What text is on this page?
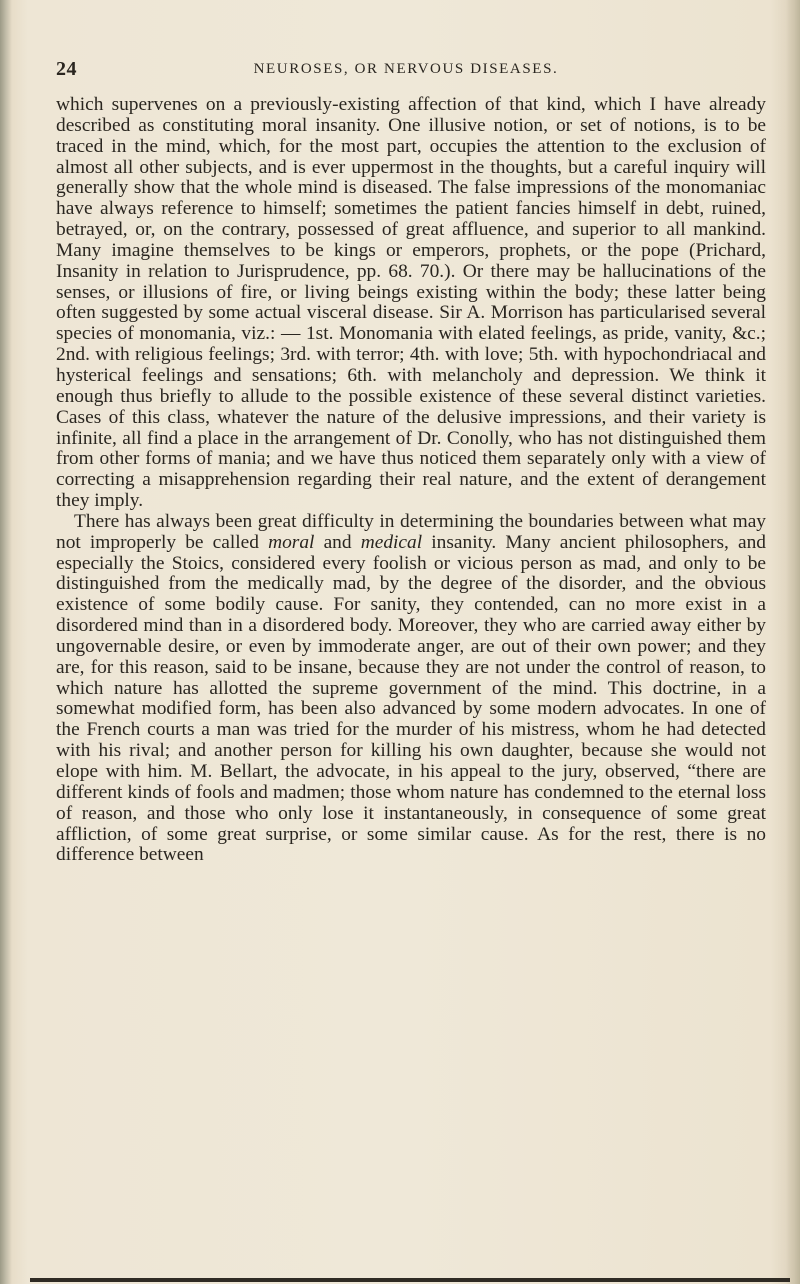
24	NEUROSES, OR NERVOUS DISEASES.

which supervenes on a previously-existing affection of that kind, which I have already described as constituting moral insanity. One illusive notion, or set of notions, is to be traced in the mind, which, for the most part, occupies the attention to the exclusion of almost all other subjects, and is ever uppermost in the thoughts, but a careful inquiry will generally show that the whole mind is diseased. The false impressions of the monomaniac have always reference to himself; sometimes the patient fancies himself in debt, ruined, betrayed, or, on the contrary, possessed of great affluence, and superior to all mankind. Many imagine themselves to be kings or emperors, prophets, or the pope (Prichard, Insanity in relation to Jurisprudence, pp. 68. 70.). Or there may be hallucinations of the senses, or illusions of fire, or living beings existing within the body; these latter being often suggested by some actual visceral disease. Sir A. Morrison has particularised several species of monomania, viz.: — 1st. Monomania with elated feelings, as pride, vanity, &c.; 2nd. with religious feelings; 3rd. with terror; 4th. with love; 5th. with hypochondriacal and hysterical feelings and sensations; 6th. with melancholy and depression. We think it enough thus briefly to allude to the possible existence of these several distinct varieties. Cases of this class, whatever the nature of the delusive impressions, and their variety is infinite, all find a place in the arrangement of Dr. Conolly, who has not distinguished them from other forms of mania; and we have thus noticed them separately only with a view of correcting a misapprehension regarding their real nature, and the extent of derangement they imply.

There has always been great difficulty in determining the boundaries between what may not improperly be called moral and medical insanity. Many ancient philosophers, and especially the Stoics, considered every foolish or vicious person as mad, and only to be distinguished from the medically mad, by the degree of the disorder, and the obvious existence of some bodily cause. For sanity, they contended, can no more exist in a disordered mind than in a disordered body. Moreover, they who are carried away either by ungovernable desire, or even by immoderate anger, are out of their own power; and they are, for this reason, said to be insane, because they are not under the control of reason, to which nature has allotted the supreme government of the mind. This doctrine, in a somewhat modified form, has been also advanced by some modern advocates. In one of the French courts a man was tried for the murder of his mistress, whom he had detected with his rival; and another person for killing his own daughter, because she would not elope with him. M. Bellart, the advocate, in his appeal to the jury, observed, “there are different kinds of fools and madmen; those whom nature has condemned to the eternal loss of reason, and those who only lose it instantaneously, in consequence of some great affliction, of some great surprise, or some similar cause. As for the rest, there is no difference between
